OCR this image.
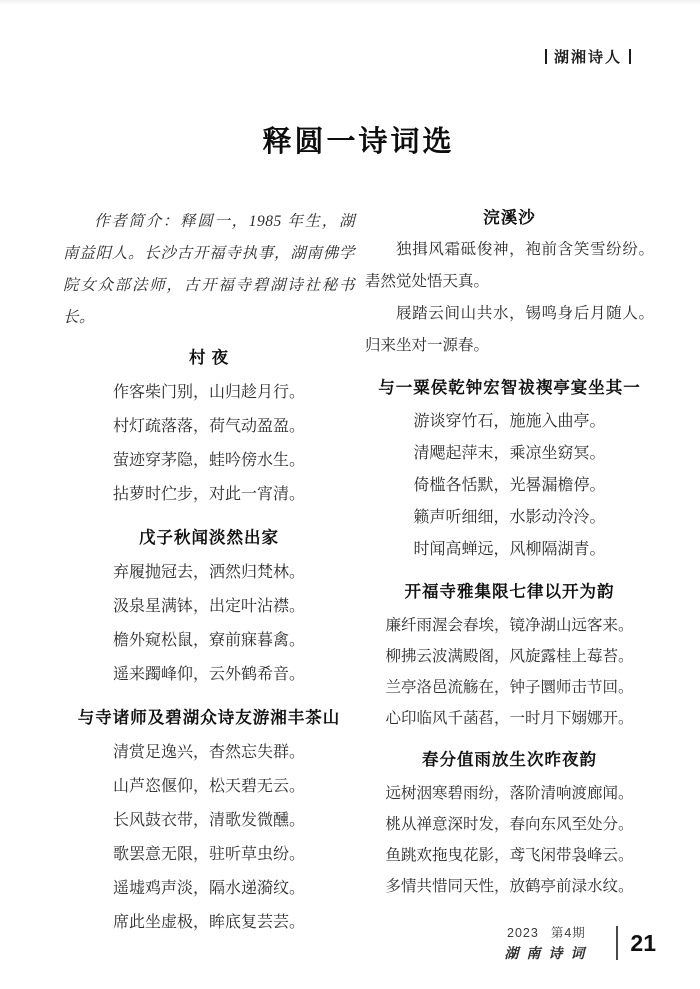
湖湘诗人
释圆一诗词选

作者简介：释圆一，1985 年生，湖南益阳人。长沙古开福寺执事，湖南佛学院女众部法师，古开福寺碧湖诗社秘书长。

村 夜

作客柴门别，山归趁月行。

村灯疏落落，荷气动盈盈。

萤迹穿茅隐，蛙吟傍水生。

拈萝时伫步，对此一宵清。

戊子秋闻淡然出家

弃履抛冠去，洒然归梵林。

汲泉星满钵，出定叶沾襟。

檐外窥松鼠，寮前寐暮禽。

遥来躅峰仰，云外鹤希音。

与寺诸师及碧湖众诗友游湘丰茶山

清赏足逸兴，杳然忘失群。

山芦恣偃仰，松天碧无云。

长风鼓衣带，清歌发微醺。

歌罢意无限，驻听草虫纷。

遥墟鸡声淡，隔水递漪纹。

席此坐虚极，眸底复芸芸。

浣溪沙

独揖风霜砥俊神，袍前含笑雪纷纷。砉然觉处悟天真。

屐踏云间山共水，锡鸣身后月随人。归来坐对一源春。

与一粟侯乾钟宏智祓禊亭宴坐其一

游谈穿竹石，施施入曲亭。

清飔起萍末，乘凉坐窈冥。

倚槛各恬默，光晷漏檐停。

籁声听细细，水影动泠泠。

时闻高蝉远，风柳隔湖青。

开福寺雅集限七律以开为韵

廉纤雨渥会春埃，镜净湖山远客来。

柳拂云波满殿阁，风旋露桂上莓苔。

兰亭洛邑流觞在，钟子圜师击节回。

心印临风千菡萏，一时月下嫋娜开。

春分值雨放生次昨夜韵

远树洇寒碧雨纷，落阶清响渡廊闻。

桃从禅意深时发，春向东风至处分。

鱼跳欢拖曳花影，鸢飞闲带袅峰云。

多情共惜同天性，放鹤亭前渌水纹。

2023 第4期
湖南诗词 21
